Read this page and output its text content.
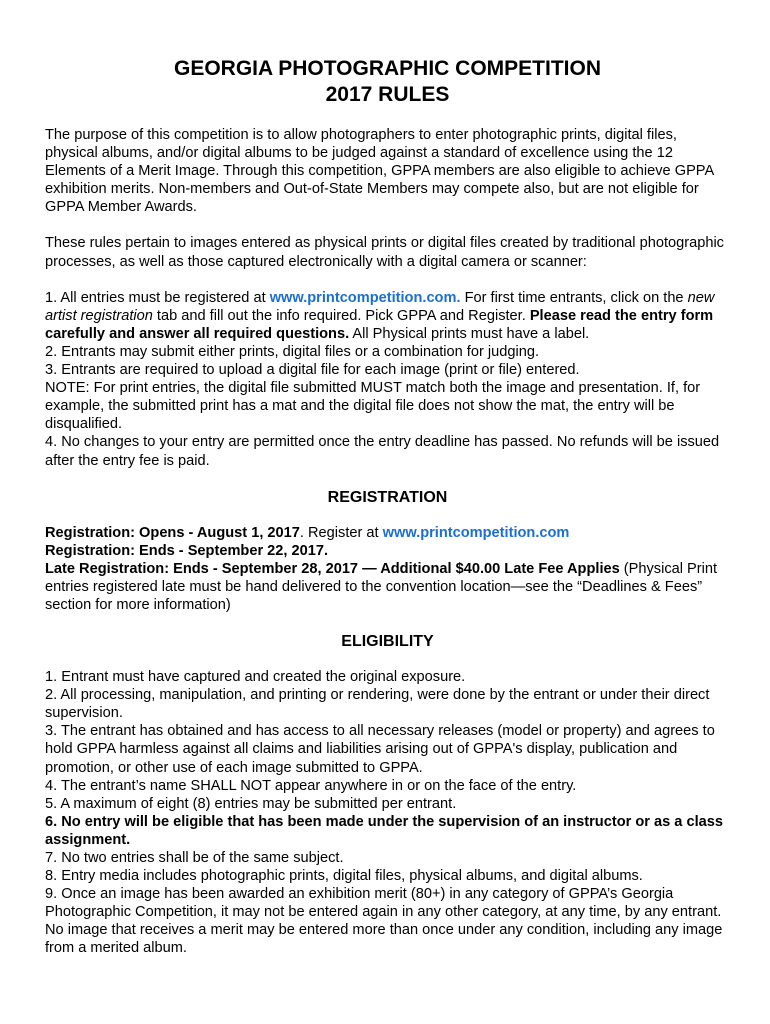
GEORGIA PHOTOGRAPHIC COMPETITION
2017 RULES

The purpose of this competition is to allow photographers to enter photographic prints, digital files, physical albums, and/or digital albums to be judged against a standard of excellence using the 12 Elements of a Merit Image. Through this competition, GPPA members are also eligible to achieve GPPA exhibition merits. Non-members and Out-of-State Members may compete also, but are not eligible for GPPA Member Awards.

These rules pertain to images entered as physical prints or digital files created by traditional photographic processes, as well as those captured electronically with a digital camera or scanner:

1. All entries must be registered at www.printcompetition.com. For first time entrants, click on the new artist registration tab and fill out the info required. Pick GPPA and Register. Please read the entry form carefully and answer all required questions. All Physical prints must have a label.

2. Entrants may submit either prints, digital files or a combination for judging.

3. Entrants are required to upload a digital file for each image (print or file) entered.

NOTE: For print entries, the digital file submitted MUST match both the image and presentation. If, for example, the submitted print has a mat and the digital file does not show the mat, the entry will be disqualified.

4. No changes to your entry are permitted once the entry deadline has passed. No refunds will be issued after the entry fee is paid.

REGISTRATION

Registration: Opens - August 1, 2017. Register at www.printcompetition.com

Registration: Ends - September 22, 2017.

Late Registration: Ends - September 28, 2017 — Additional $40.00 Late Fee Applies (Physical Print entries registered late must be hand delivered to the convention location—see the “Deadlines & Fees” section for more information)

ELIGIBILITY

1. Entrant must have captured and created the original exposure.

2. All processing, manipulation, and printing or rendering, were done by the entrant or under their direct supervision.

3. The entrant has obtained and has access to all necessary releases (model or property) and agrees to hold GPPA harmless against all claims and liabilities arising out of GPPA's display, publication and promotion, or other use of each image submitted to GPPA.

4. The entrant’s name SHALL NOT appear anywhere in or on the face of the entry.

5. A maximum of eight (8) entries may be submitted per entrant.

6. No entry will be eligible that has been made under the supervision of an instructor or as a class assignment.

7. No two entries shall be of the same subject.

8. Entry media includes photographic prints, digital files, physical albums, and digital albums.

9. Once an image has been awarded an exhibition merit (80+) in any category of GPPA’s Georgia Photographic Competition, it may not be entered again in any other category, at any time, by any entrant. No image that receives a merit may be entered more than once under any condition, including any image from a merited album.
